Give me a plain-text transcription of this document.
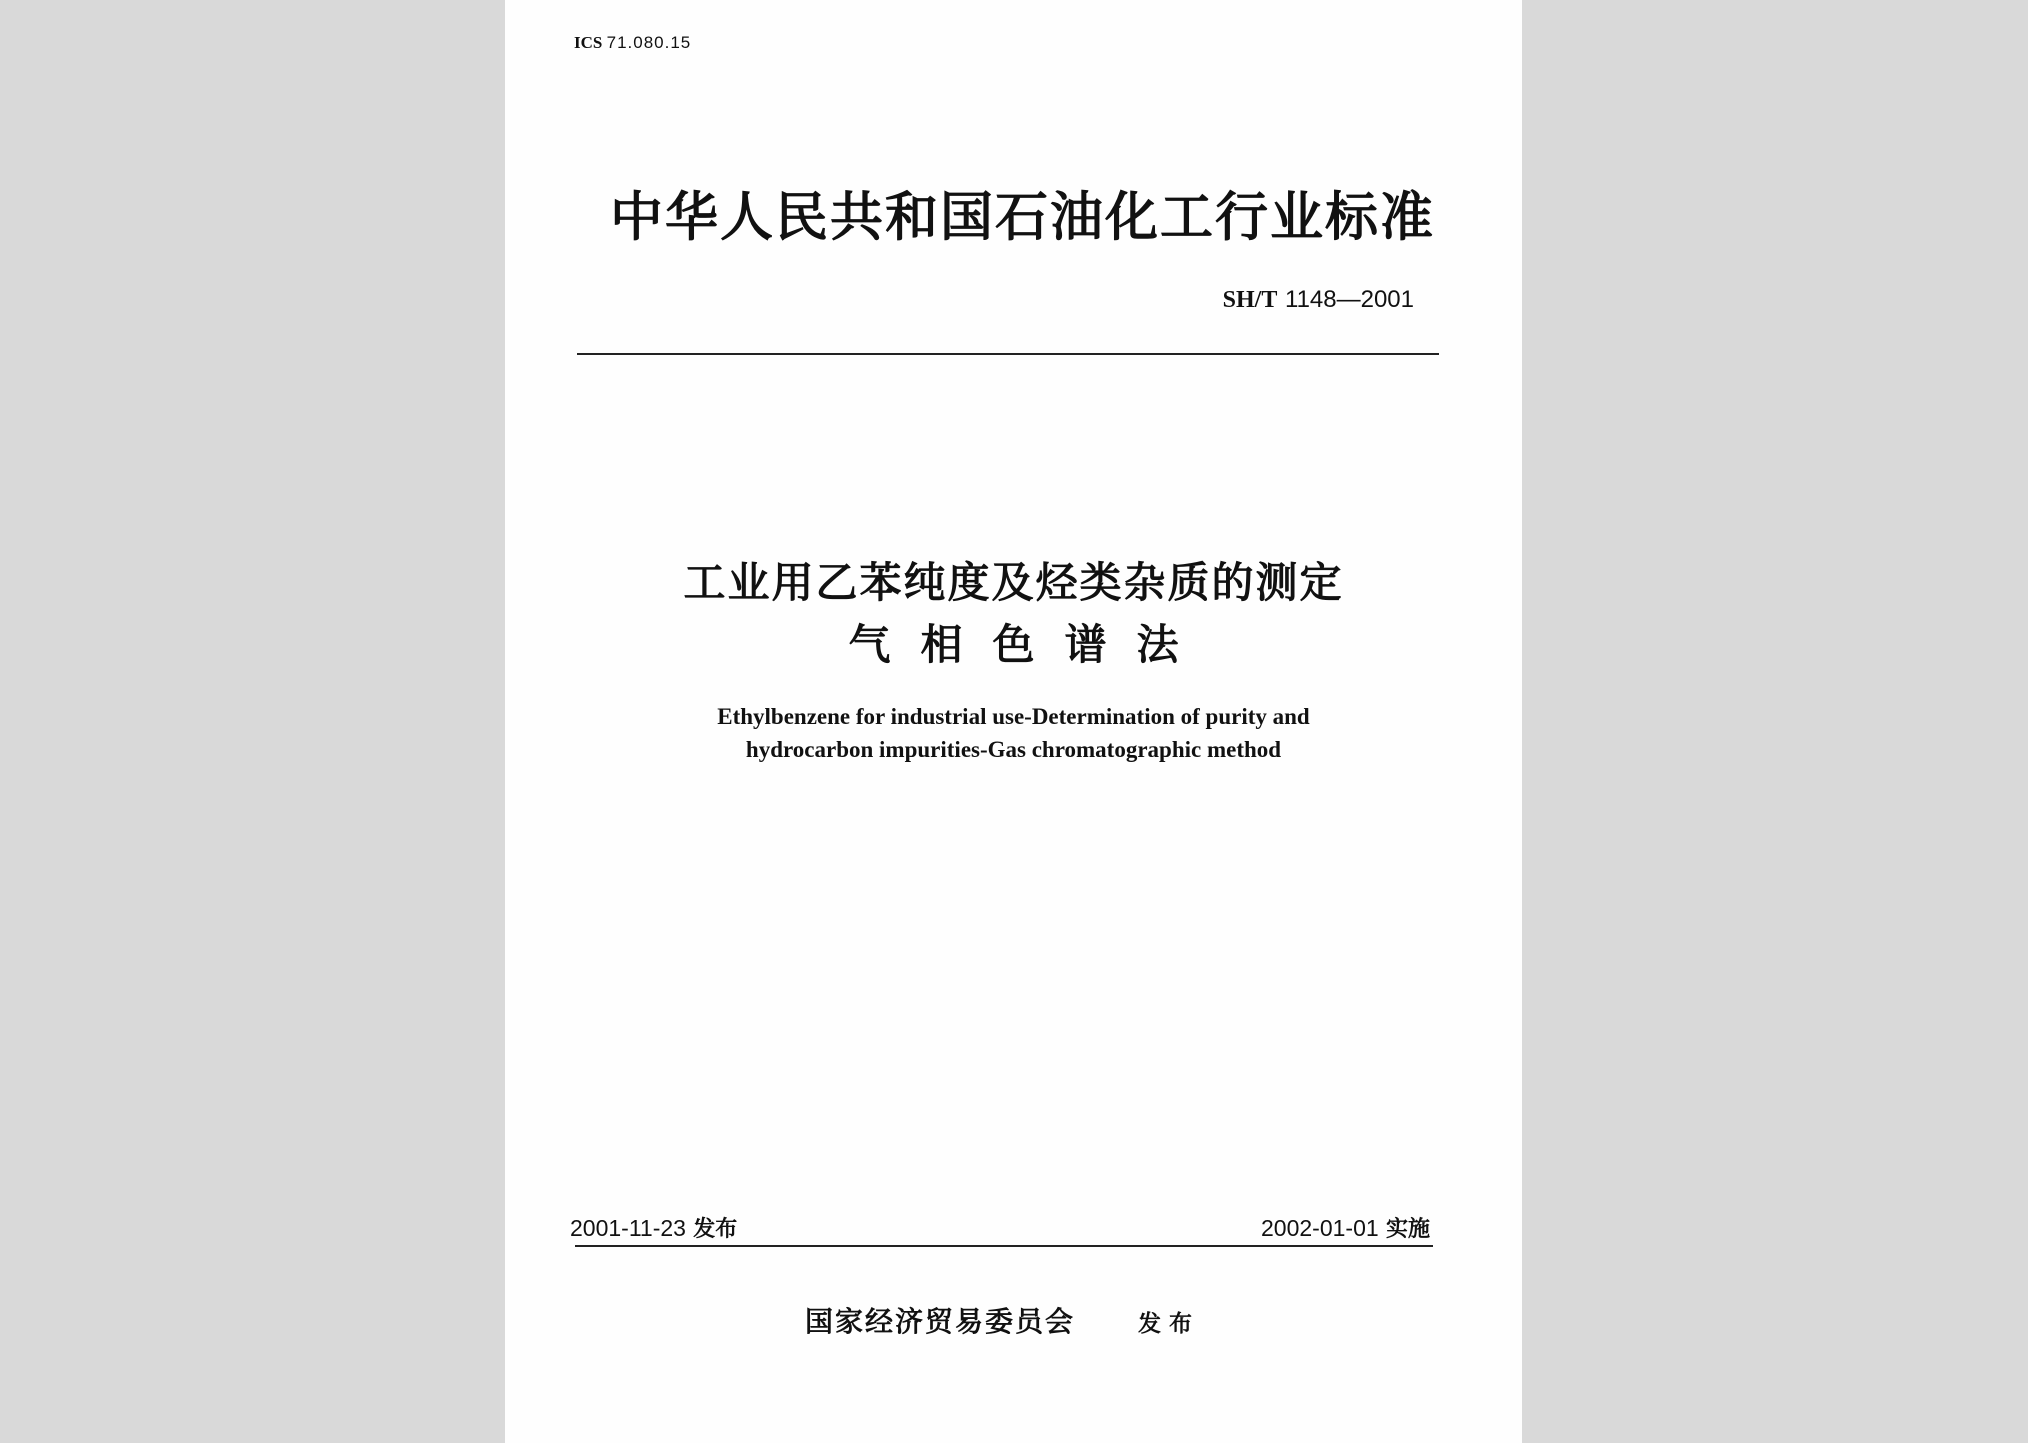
ICS 71.080.15
中华人民共和国石油化工行业标准
SH/T 1148—2001
工业用乙苯纯度及烃类杂质的测定
气相色谱法
Ethylbenzene for industrial use-Determination of purity and
hydrocarbon impurities-Gas chromatographic method
2001-11-23 发布	2002-01-01 实施
国家经济贸易委员会	发布
